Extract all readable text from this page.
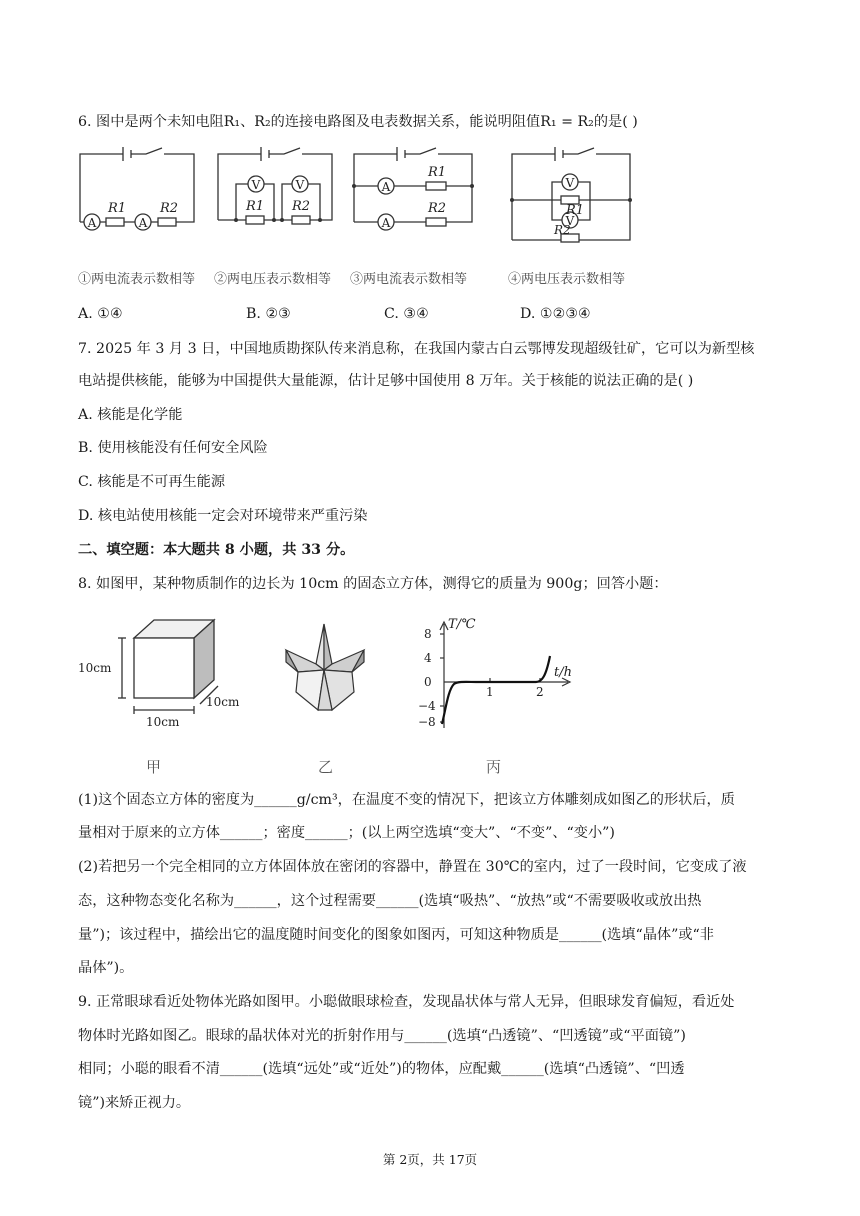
6. 图中是两个未知电阻R₁、R₂的连接电路图及电表数据关系，能说明阻值R₁ = R₂的是( )
A	A
R1	R2
V	V
R1 R2
A
A
R1
R2
V
V
R1
R2
①两电流表示数相等 ②两电压表示数相等 ③两电流表示数相等	④两电压表示数相等
A. ①④	B. ②③	C. ③④	D. ①②③④
7. 2025 年 3 月 3 日，中国地质勘探队传来消息称，在我国内蒙古白云鄂博发现超级钍矿，它可以为新型核
电站提供核能，能够为中国提供大量能源，估计足够中国使用 8 万年。关于核能的说法正确的是( )
A. 核能是化学能
B. 使用核能没有任何安全风险
C. 核能是不可再生能源
D. 核电站使用核能一定会对环境带来严重污染
二、填空题：本大题共 8 小题，共 33 分。
8. 如图甲，某种物质制作的边长为 10cm 的固态立方体，测得它的质量为 900g；回答小题：
10cm
10cm
10cm
T/℃
t/h
8
4
0
−4
−8
1	2
甲	乙	丙
(1)这个固态立方体的密度为______g/cm³，在温度不变的情况下，把该立方体雕刻成如图乙的形状后，质
量相对于原来的立方体______；密度______；(以上两空选填“变大”、“不变”、“变小”)
(2)若把另一个完全相同的立方体固体放在密闭的容器中，静置在 30℃的室内，过了一段时间，它变成了液
态，这种物态变化名称为______，这个过程需要______(选填“吸热”、“放热”或“不需要吸收或放出热
量”)；该过程中，描绘出它的温度随时间变化的图象如图丙，可知这种物质是______(选填“晶体”或“非
晶体”)。
9. 正常眼球看近处物体光路如图甲。小聪做眼球检查，发现晶状体与常人无异，但眼球发育偏短，看近处
物体时光路如图乙。眼球的晶状体对光的折射作用与______(选填“凸透镜”、“凹透镜”或“平面镜”)
相同；小聪的眼看不清______(选填“远处”或“近处”)的物体，应配戴______(选填“凸透镜”、“凹透
镜”)来矫正视力。
第 2页，共 17页
